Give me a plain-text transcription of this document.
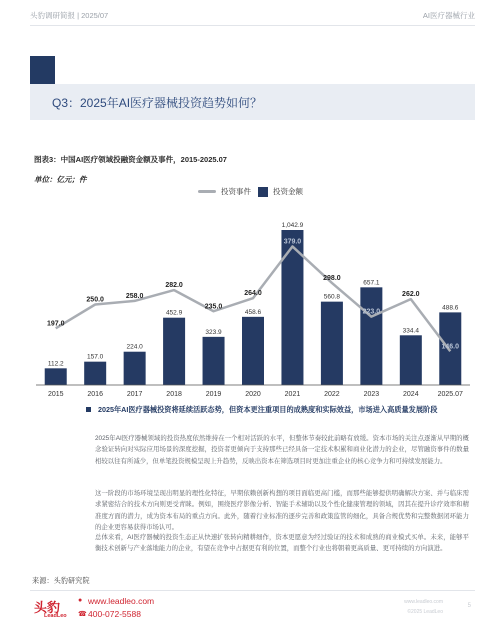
头豹调研简报 | 2025/07	AI医疗器械行业
Q3：2025年AI医疗器械投资趋势如何？
图表3：中国AI医疗领域投融资金额及事件，2015-2025.07
单位：亿元；件
投资事件	投资金额
112.2
157.0
224.0
452.9
323.9
458.6
1,042.9
560.8
657.1
334.4
488.6
197.0
250.0
258.0
282.0
235.0
264.0
379.0
298.0
223.0
262.0
146.0
2015	2016	2017	2018	2019	2020	2021	2022	2023	2024	2025.07
2025年AI医疗器械投资将延续活跃态势，但资本更注重项目的成熟度和实际效益，市场进入高质量发展阶段
2025年AI医疗器械领域的投资热度依然维持在一个相对活跃的水平，但整体节奏较此前略有放缓。资本市场的关注点逐渐从早期的概念验证转向对实际应用场景的深度挖掘，投资者更倾向于支持那些已经具备一定技术积累和商业化潜力的企业，尽管融资事件的数量相较以往有所减少，但单笔投资规模呈现上升趋势，反映出资本在筛选项目时更加注重企业的核心竞争力和可持续发展能力。
这一阶段的市场环境呈现出明显的理性化特征，早期依赖创新构想的项目面临更高门槛，而那些能够提供明确解决方案、并与临床需求紧密结合的技术方向则更受青睐。例如，围绕医疗影像分析、智能手术辅助以及个性化健康管理的领域，因其在提升诊疗效率和精准度方面的潜力，成为资本布局的重点方向。此外，随着行业标准的逐步完善和政策监管的细化，具备合规优势和完整数据闭环能力的企业更容易获得市场认可。
总体来看，AI医疗器械的投资生态正从快速扩张转向精耕细作，资本更愿意为经过验证的技术和成熟的商业模式买单。未来，能够平衡技术创新与产业落地能力的企业，有望在竞争中占据更有利的位置，而整个行业也将朝着更高质量、更可持续的方向演进。
来源：头豹研究院
头豹
LeadLeo
● www.leadleo.com
☎ 400-072-5588
www.leadleo.com
©2025 LeadLeo
5
